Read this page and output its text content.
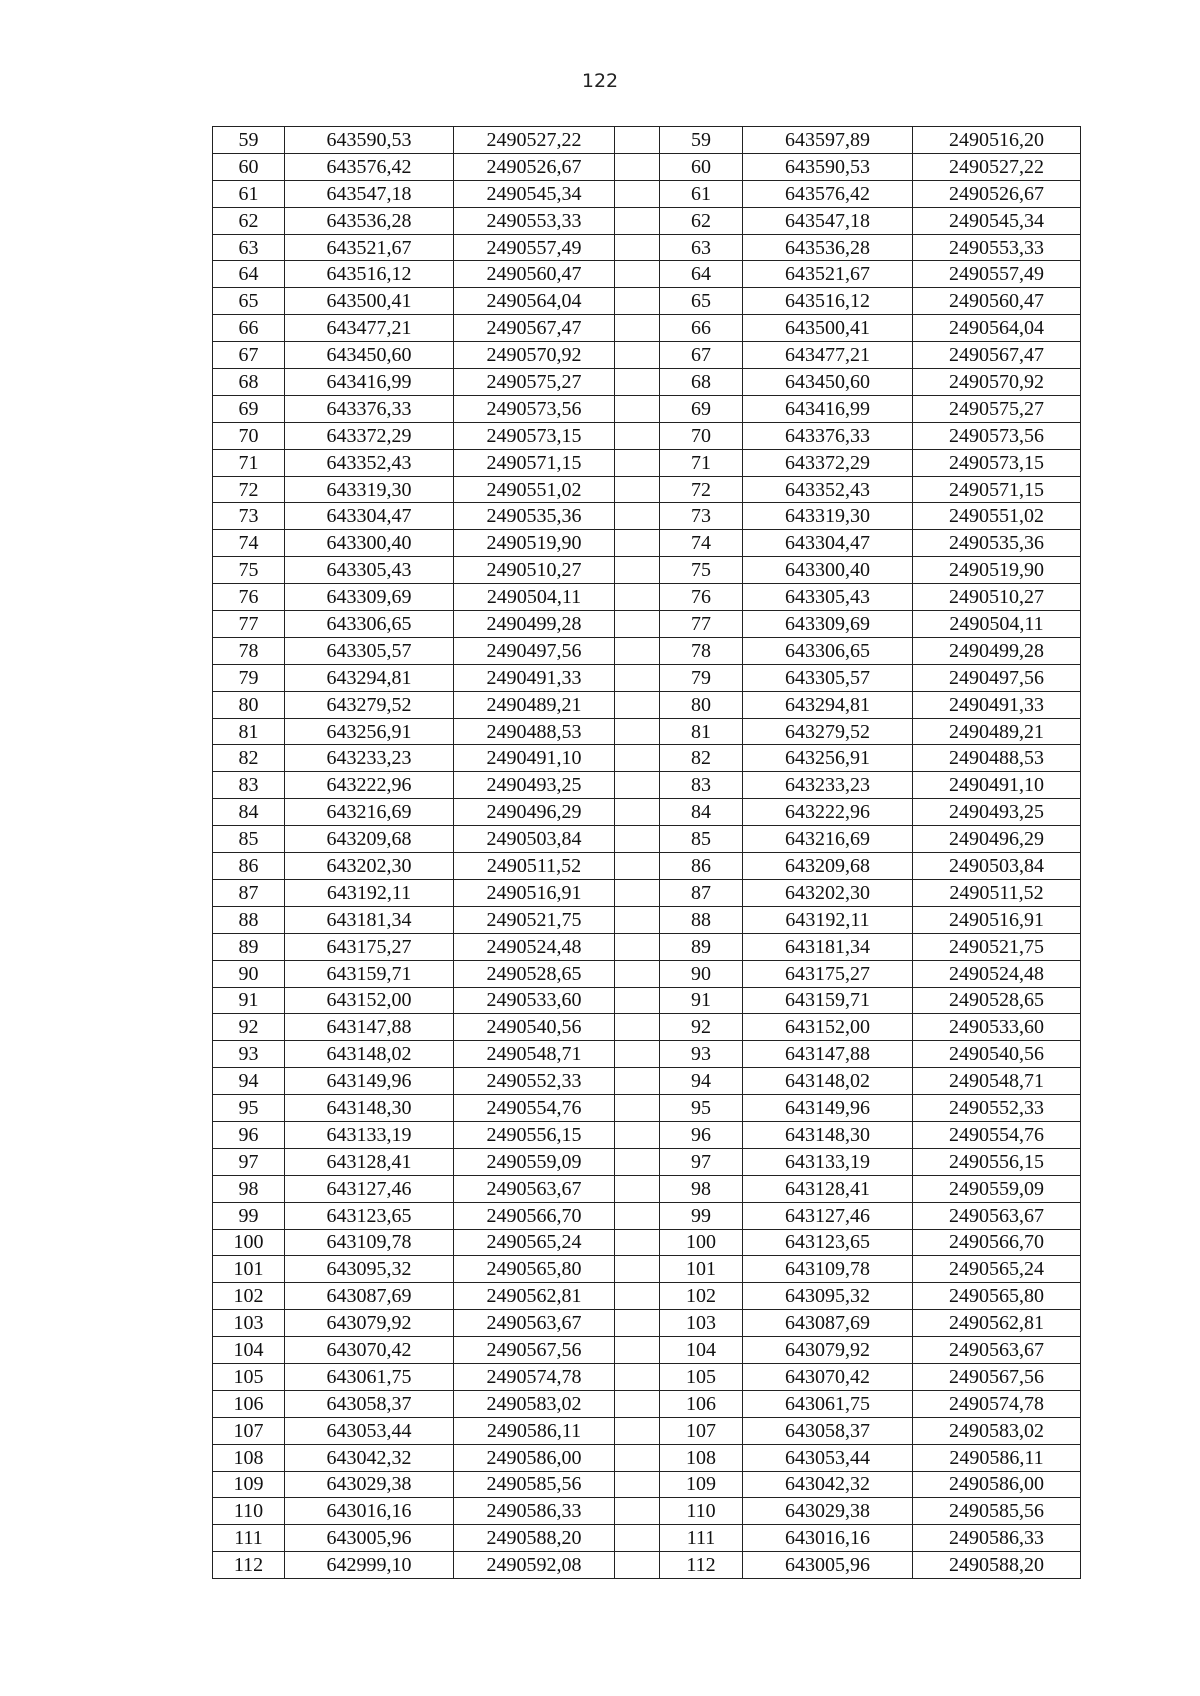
122
59	643590,53	2490527,22		59	643597,89	2490516,20
60	643576,42	2490526,67		60	643590,53	2490527,22
61	643547,18	2490545,34		61	643576,42	2490526,67
62	643536,28	2490553,33		62	643547,18	2490545,34
63	643521,67	2490557,49		63	643536,28	2490553,33
64	643516,12	2490560,47		64	643521,67	2490557,49
65	643500,41	2490564,04		65	643516,12	2490560,47
66	643477,21	2490567,47		66	643500,41	2490564,04
67	643450,60	2490570,92		67	643477,21	2490567,47
68	643416,99	2490575,27		68	643450,60	2490570,92
69	643376,33	2490573,56		69	643416,99	2490575,27
70	643372,29	2490573,15		70	643376,33	2490573,56
71	643352,43	2490571,15		71	643372,29	2490573,15
72	643319,30	2490551,02		72	643352,43	2490571,15
73	643304,47	2490535,36		73	643319,30	2490551,02
74	643300,40	2490519,90		74	643304,47	2490535,36
75	643305,43	2490510,27		75	643300,40	2490519,90
76	643309,69	2490504,11		76	643305,43	2490510,27
77	643306,65	2490499,28		77	643309,69	2490504,11
78	643305,57	2490497,56		78	643306,65	2490499,28
79	643294,81	2490491,33		79	643305,57	2490497,56
80	643279,52	2490489,21		80	643294,81	2490491,33
81	643256,91	2490488,53		81	643279,52	2490489,21
82	643233,23	2490491,10		82	643256,91	2490488,53
83	643222,96	2490493,25		83	643233,23	2490491,10
84	643216,69	2490496,29		84	643222,96	2490493,25
85	643209,68	2490503,84		85	643216,69	2490496,29
86	643202,30	2490511,52		86	643209,68	2490503,84
87	643192,11	2490516,91		87	643202,30	2490511,52
88	643181,34	2490521,75		88	643192,11	2490516,91
89	643175,27	2490524,48		89	643181,34	2490521,75
90	643159,71	2490528,65		90	643175,27	2490524,48
91	643152,00	2490533,60		91	643159,71	2490528,65
92	643147,88	2490540,56		92	643152,00	2490533,60
93	643148,02	2490548,71		93	643147,88	2490540,56
94	643149,96	2490552,33		94	643148,02	2490548,71
95	643148,30	2490554,76		95	643149,96	2490552,33
96	643133,19	2490556,15		96	643148,30	2490554,76
97	643128,41	2490559,09		97	643133,19	2490556,15
98	643127,46	2490563,67		98	643128,41	2490559,09
99	643123,65	2490566,70		99	643127,46	2490563,67
100	643109,78	2490565,24		100	643123,65	2490566,70
101	643095,32	2490565,80		101	643109,78	2490565,24
102	643087,69	2490562,81		102	643095,32	2490565,80
103	643079,92	2490563,67		103	643087,69	2490562,81
104	643070,42	2490567,56		104	643079,92	2490563,67
105	643061,75	2490574,78		105	643070,42	2490567,56
106	643058,37	2490583,02		106	643061,75	2490574,78
107	643053,44	2490586,11		107	643058,37	2490583,02
108	643042,32	2490586,00		108	643053,44	2490586,11
109	643029,38	2490585,56		109	643042,32	2490586,00
110	643016,16	2490586,33		110	643029,38	2490585,56
111	643005,96	2490588,20		111	643016,16	2490586,33
112	642999,10	2490592,08		112	643005,96	2490588,20
